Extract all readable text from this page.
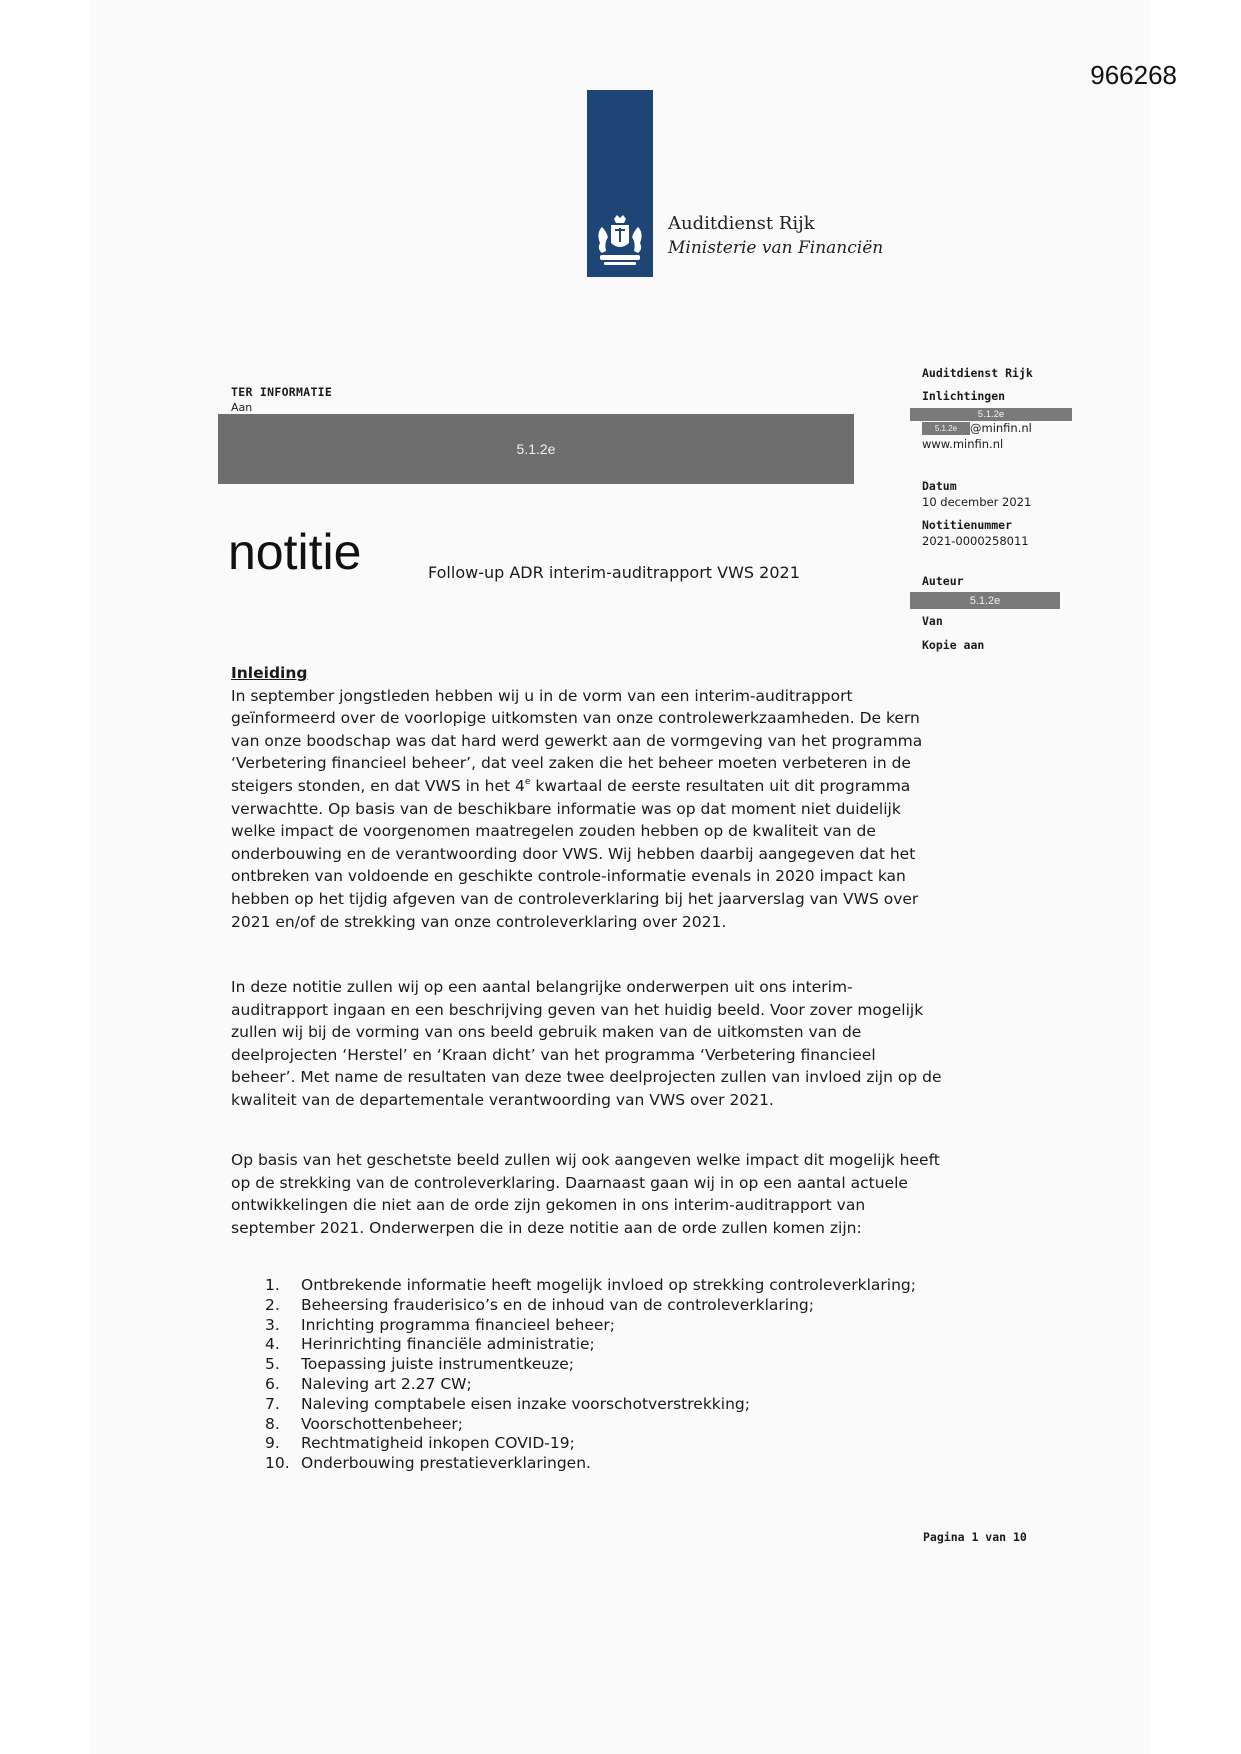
966268
Auditdienst Rijk
Ministerie van Financiën
TER INFORMATIE
Aan
5.1.2e
notitie	Follow-up ADR interim-auditrapport VWS 2021
Auditdienst Rijk
Inlichtingen
5.1.2e
5.1.2e	@minfin.nl
www.minfin.nl
Datum
10 december 2021
Notitienummer
2021-0000258011
Auteur
5.1.2e
Van
Kopie aan
Inleiding

In september jongstleden hebben wij u in de vorm van een interim-auditrapport geïnformeerd over de voorlopige uitkomsten van onze controlewerkzaamheden. De kern van onze boodschap was dat hard werd gewerkt aan de vormgeving van het programma ‘Verbetering financieel beheer’, dat veel zaken die het beheer moeten verbeteren in de steigers stonden, en dat VWS in het 4e kwartaal de eerste resultaten uit dit programma verwachtte. Op basis van de beschikbare informatie was op dat moment niet duidelijk welke impact de voorgenomen maatregelen zouden hebben op de kwaliteit van de onderbouwing en de verantwoording door VWS. Wij hebben daarbij aangegeven dat het ontbreken van voldoende en geschikte controle-informatie evenals in 2020 impact kan hebben op het tijdig afgeven van de controleverklaring bij het jaarverslag van VWS over 2021 en/of de strekking van onze controleverklaring over 2021.

In deze notitie zullen wij op een aantal belangrijke onderwerpen uit ons interim-auditrapport ingaan en een beschrijving geven van het huidig beeld. Voor zover mogelijk zullen wij bij de vorming van ons beeld gebruik maken van de uitkomsten van de deelprojecten ‘Herstel’ en ‘Kraan dicht’ van het programma ‘Verbetering financieel beheer’. Met name de resultaten van deze twee deelprojecten zullen van invloed zijn op de kwaliteit van de departementale verantwoording van VWS over 2021.
Op basis van het geschetste beeld zullen wij ook aangeven welke impact dit mogelijk heeft op de strekking van de controleverklaring. Daarnaast gaan wij in op een aantal actuele ontwikkelingen die niet aan de orde zijn gekomen in ons interim-auditrapport van september 2021. Onderwerpen die in deze notitie aan de orde zullen komen zijn:
1.	Ontbrekende informatie heeft mogelijk invloed op strekking controleverklaring;
2.	Beheersing frauderisico’s en de inhoud van de controleverklaring;
3.	Inrichting programma financieel beheer;
4.	Herinrichting financiële administratie;
5.	Toepassing juiste instrumentkeuze;
6.	Naleving art 2.27 CW;
7.	Naleving comptabele eisen inzake voorschotverstrekking;
8.	Voorschottenbeheer;
9.	Rechtmatigheid inkopen COVID-19;
10. Onderbouwing prestatieverklaringen.
Pagina 1 van 10
